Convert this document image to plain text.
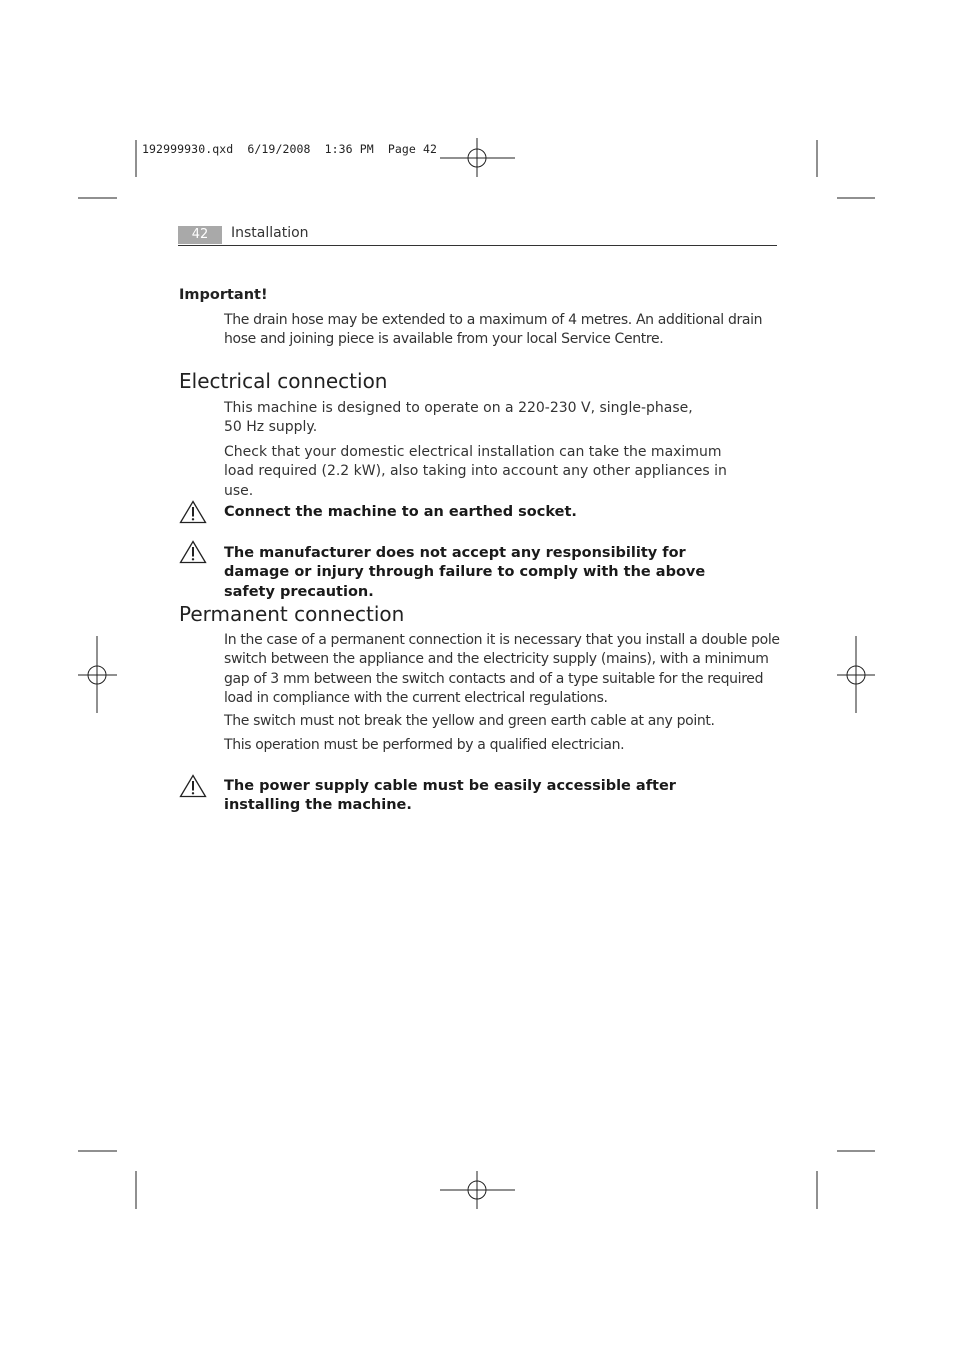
192999930.qxd  6/19/2008  1:36 PM  Page 42
42	Installation
Important!
The drain hose may be extended to a maximum of 4 metres. An additional drain hose and joining piece is available from your local Service Centre.
Electrical connection
This machine is designed to operate on a 220-230 V, single-phase,
50 Hz supply.
Check that your domestic electrical installation can take the maximum load required (2.2 kW), also taking into account any other appliances in use.
Connect the machine to an earthed socket.
The manufacturer does not accept any responsibility for damage or injury through failure to comply with the above safety precaution.
Permanent connection
In the case of a permanent connection it is necessary that you install a double pole switch between the appliance and the electricity supply (mains), with a minimum gap of 3 mm between the switch contacts and of a type suitable for the required load in compliance with the current electrical regulations.
The switch must not break the yellow and green earth cable at any point.
This operation must be performed by a qualified electrician.
The power supply cable must be easily accessible after installing the machine.
